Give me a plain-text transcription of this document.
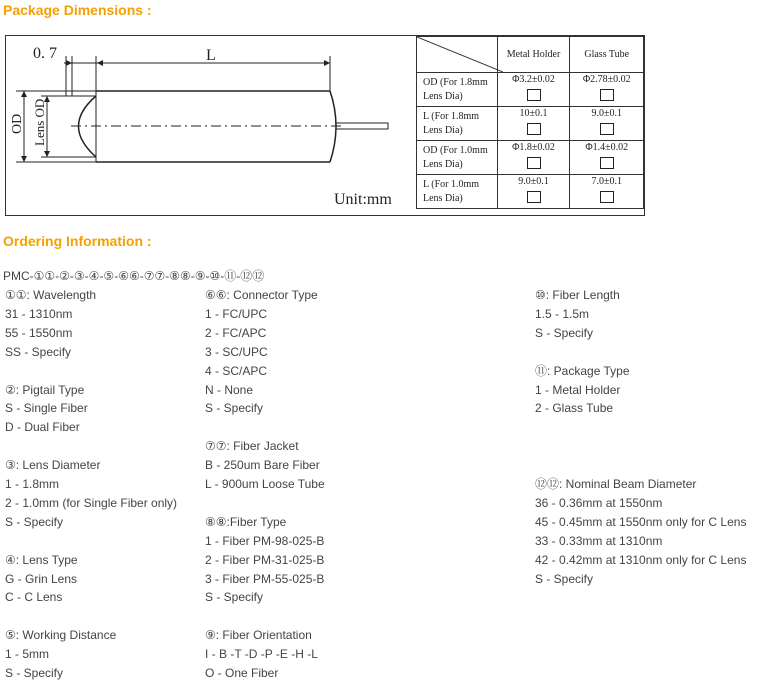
Package Dimensions :
0. 7	L
OD Lens OD
Unit:mm
	Metal Holder	Glass Tube
OD (For 1.8mm
Lens Dia)	Φ3.2±0.02	Φ2.78±0.02

L (For 1.8mm
Lens Dia)	10±0.1	9.0±0.1

OD (For 1.0mm
Lens Dia)	Φ1.8±0.02	Φ1.4±0.02

L (For 1.0mm
Lens Dia)	9.0±0.1	7.0±0.1

Ordering Information :
PMC-①①-②-③-④-⑤-⑥⑥-⑦⑦-⑧⑧-⑨-⑩-⑪-⑫⑫
①①: Wavelength
31 - 1310nm
55 - 1550nm
SS - Specify
②: Pigtail Type
S - Single Fiber
D - Dual Fiber
③: Lens Diameter
1 - 1.8mm
2 - 1.0mm (for Single Fiber only)
S - Specify
④: Lens Type
G - Grin Lens
C - C Lens
⑤: Working Distance
1 - 5mm
S - Specify
⑥⑥: Connector Type
1 - FC/UPC
2 - FC/APC
3 - SC/UPC
4 - SC/APC
N - None
S - Specify
⑦⑦: Fiber Jacket
B - 250um Bare Fiber
L - 900um Loose Tube
⑧⑧:Fiber Type
1 - Fiber PM-98-025-B
2 - Fiber PM-31-025-B
3 - Fiber PM-55-025-B
S - Specify
⑨: Fiber Orientation
I - B -T -D -P -E -H -L
O - One Fiber
⑩: Fiber Length
1.5 - 1.5m
S - Specify
⑪: Package Type
1 - Metal Holder
2 - Glass Tube
⑫⑫: Nominal Beam Diameter
36 - 0.36mm at 1550nm
45 - 0.45mm at 1550nm only for C Lens
33 - 0.33mm at 1310nm
42 - 0.42mm at 1310nm only for C Lens
S - Specify
